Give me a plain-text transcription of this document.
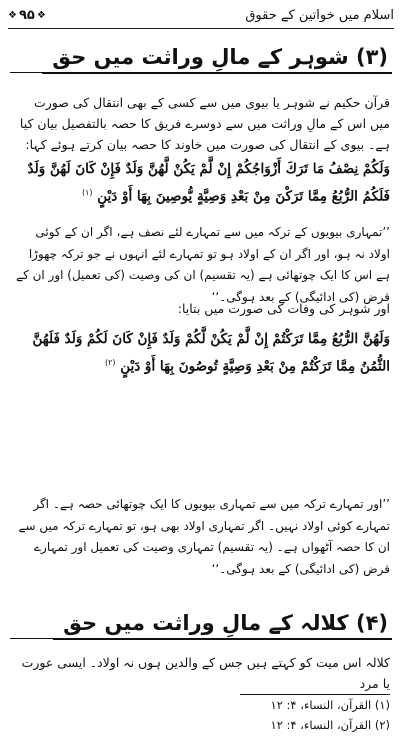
اسلام میں خواتین کے حقوق
❖ ۹۵ ❖
(۳) شوہر کے مالِ وراثت میں حق

قرآن حکیم نے شوہر یا بیوی میں سے کسی کے بھی انتقال کی صورت میں اس کے مالِ وراثت میں سے دوسرے فریق کا حصہ بالتفصیل بیان کیا ہے۔ بیوی کے انتقال کی صورت میں خاوند کا حصہ بیان کرتے ہوئے کہا:

وَلَكُمْ نِصْفُ مَا تَرَكَ أَزْوَاجُكُمْ إِنْ لَّمْ يَكُنْ لَّهُنَّ وَلَدٌ فَإِنْ كَانَ لَهُنَّ وَلَدٌ فَلَكُمُ الرُّبُعُ مِمَّا تَرَكْنَ مِنْ بَعْدِ وَصِيَّةٍ يُّوصِينَ بِهَا أَوْ دَيْنٍ $^{(۱)}$

’’تمہاری بیویوں کے ترکہ میں سے تمہارے لئے نصف ہے، اگر ان کے کوئی اولاد نہ ہو، اور اگر ان کے اولاد ہو تو تمہارے لئے انہوں نے جو ترکہ چھوڑا ہے اس کا ایک چوتھائی ہے (یہ تقسیم) ان کی وصیت (کی تعمیل) اور ان کے قرض (کی ادائیگی) کے بعد ہوگی۔‘‘

اور شوہر کی وفات کی صورت میں بتایا:

وَلَهُنَّ الرُّبُعُ مِمَّا تَرَكْتُمْ إِنْ لَّمْ يَكُنْ لَّكُمْ وَلَدٌ فَإِنْ كَانَ لَكُمْ وَلَدٌ فَلَهُنَّ الثُّمُنُ مِمَّا تَرَكْتُمْ مِنْ بَعْدِ وَصِيَّةٍ تُوصُونَ بِهَا أَوْ دَيْنٍ $^{(۲)}$

’’اور تمہارے ترکہ میں سے تمہاری بیویوں کا ایک چوتھائی حصہ ہے۔ اگر تمہارے کوئی اولاد نہیں۔ اگر تمہاری اولاد بھی ہو، تو تمہارے ترکہ میں سے ان کا حصہ آٹھواں ہے۔ (یہ تقسیم) تمہاری وصیت کی تعمیل اور تمہارے قرض (کی ادائیگی) کے بعد ہوگی۔‘‘

(۴) کلالہ کے مالِ وراثت میں حق

کلالہ اس میت کو کہتے ہیں جس کے والدین ہوں نہ اولاد۔ ایسی عورت یا مرد

(۱) القرآن، النساء، ۴: ۱۲
(۲) القرآن، النساء، ۴: ۱۲
